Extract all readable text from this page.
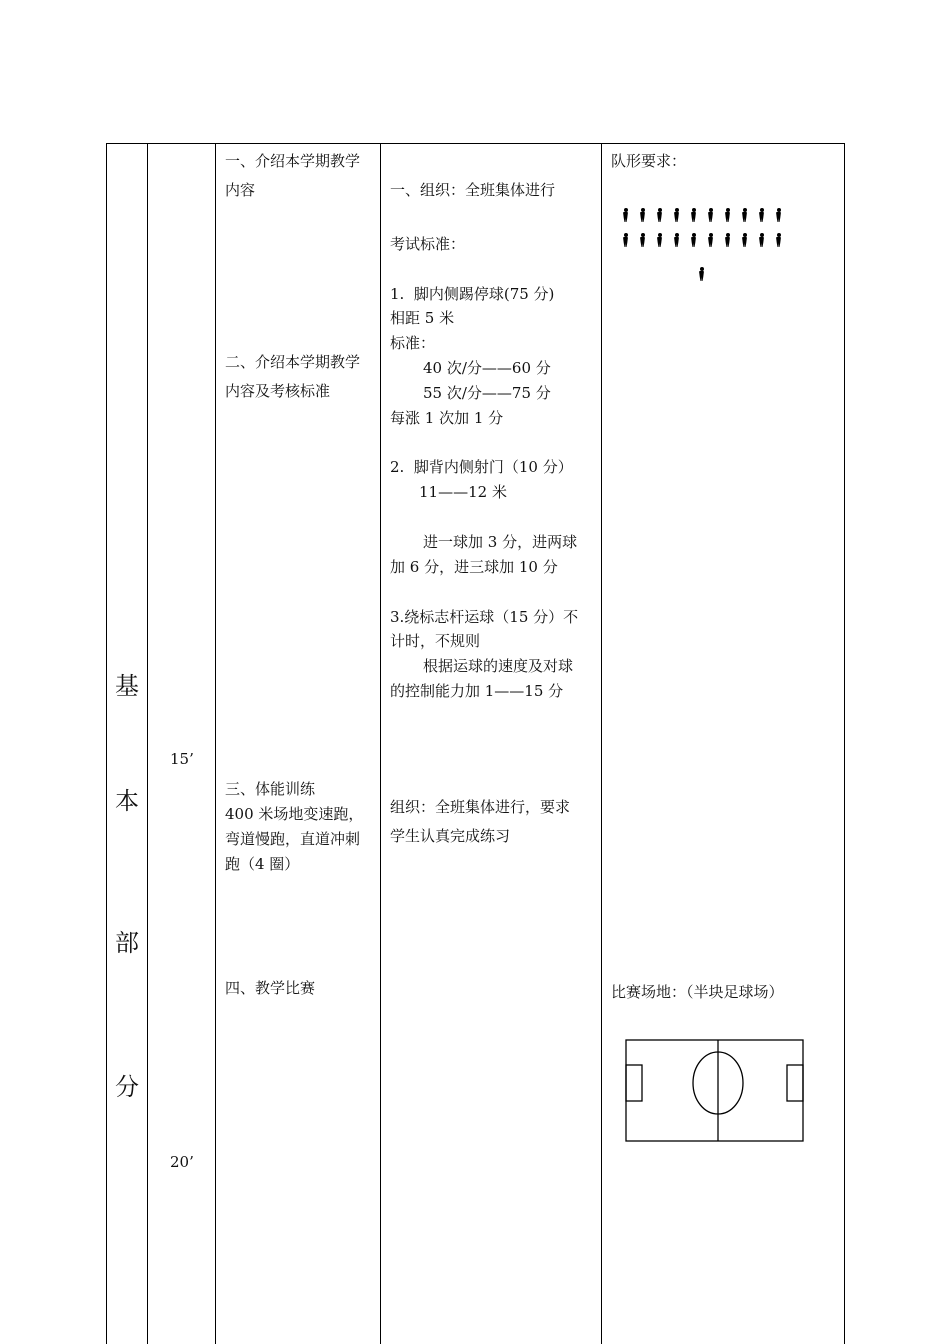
基
本
部
分
15’
20’
一、介绍本学期教学
内容
二、介绍本学期教学
内容及考核标准
三、体能训练
400 米场地变速跑，
弯道慢跑，直道冲刺
跑（4 圈）
四、教学比赛
一、组织：全班集体进行
考试标准：
1.  脚内侧踢停球(75 分)
相距 5 米
标准：
40 次/分——60 分
55 次/分——75 分
每涨 1 次加 1 分
2.  脚背内侧射门（10 分）
11——12 米
进一球加 3 分，进两球
加 6 分，进三球加 10 分
3.绕标志杆运球（15 分）不
计时，不规则
根据运球的速度及对球
的控制能力加 1——15 分
组织：全班集体进行，要求
学生认真完成练习
队形要求：
比赛场地：（半块足球场）
